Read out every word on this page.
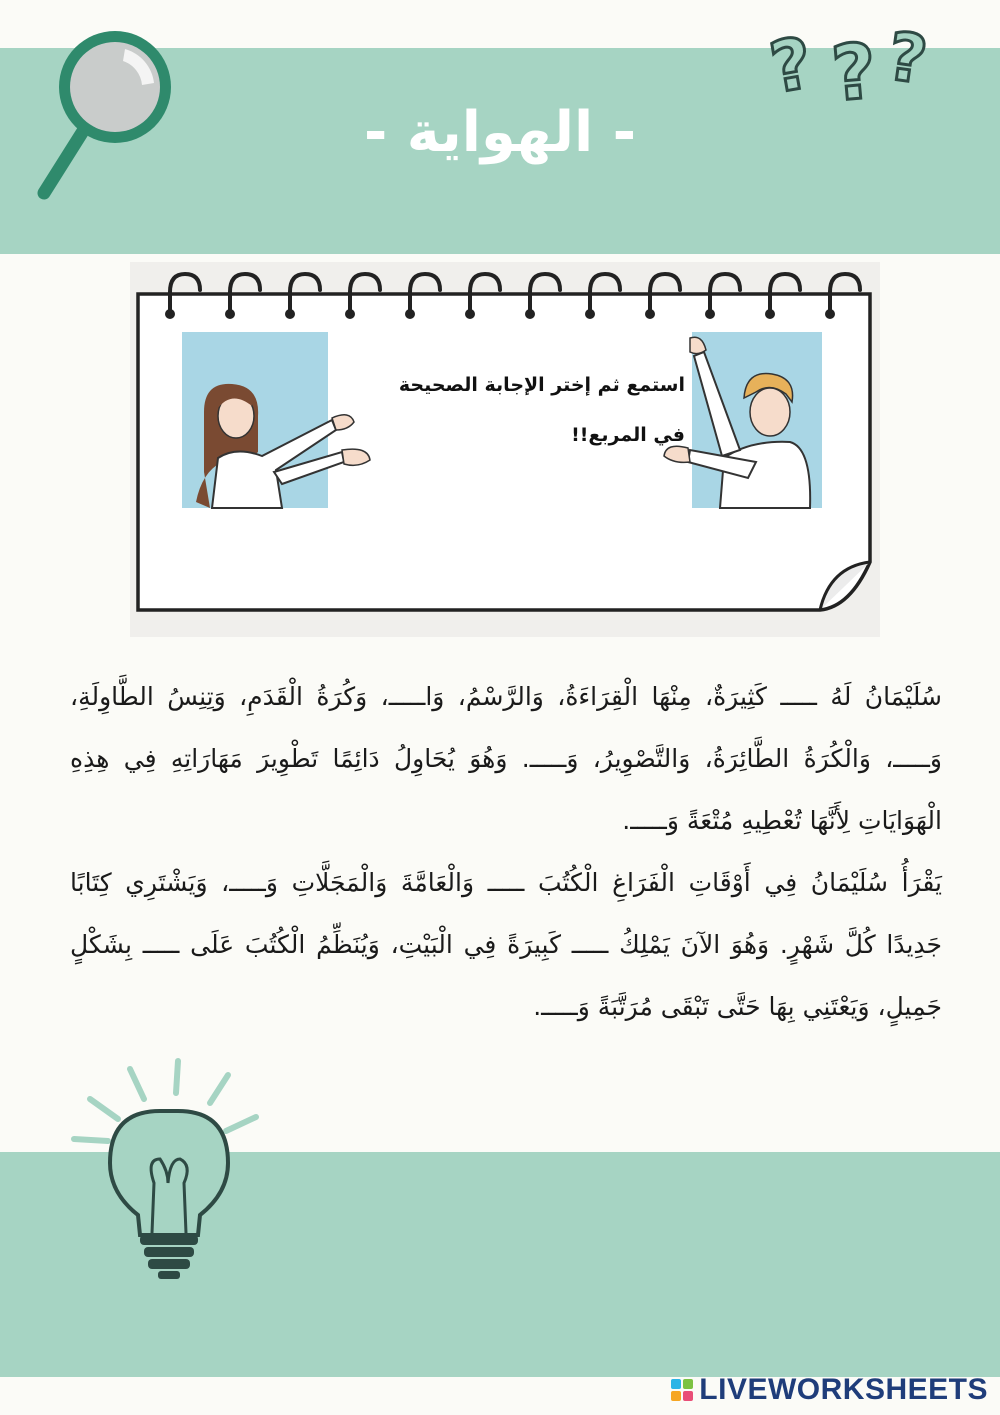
? ? ?
- الهواية -
استمع ثم إختر الإجابة الصحيحة
في المربع!!

سُلَيْمَانُ لَهُ ـــــ كَثِيرَةٌ، مِنْهَا الْقِرَاءَةُ، وَالرَّسْمُ، وَاـــــ، وَكُرَةُ الْقَدَمِ، وَتِنِسُ الطَّاوِلَةِ، وَـــــ، وَالْكُرَةُ الطَّائِرَةُ، وَالتَّصْوِيرُ، وَـــــ. وَهُوَ يُحَاوِلُ دَائِمًا تَطْوِيرَ مَهَارَاتِهِ فِي هِذِهِ الْهَوَايَاتِ لِأَنَّهَا تُعْطِيهِ مُتْعَةً وَـــــ.

يَقْرَأُ سُلَيْمَانُ فِي أَوْقَاتِ الْفَرَاغِ الْكُتُبَ ـــــ وَالْعَامَّةَ وَالْمَجَلَّاتِ وَـــــ، وَيَشْتَرِي كِتَابًا جَدِيدًا كُلَّ شَهْرٍ. وَهُوَ الآنَ يَمْلِكُ ـــــ كَبِيرَةً فِي الْبَيْتِ، وَيُنَظِّمُ الْكُتُبَ عَلَى ـــــ بِشَكْلٍ جَمِيلٍ، وَيَعْتَنِي بِهَا حَتَّى تَبْقَى مُرَتَّبَةً وَـــــ.

LIVEWORKSHEETS
